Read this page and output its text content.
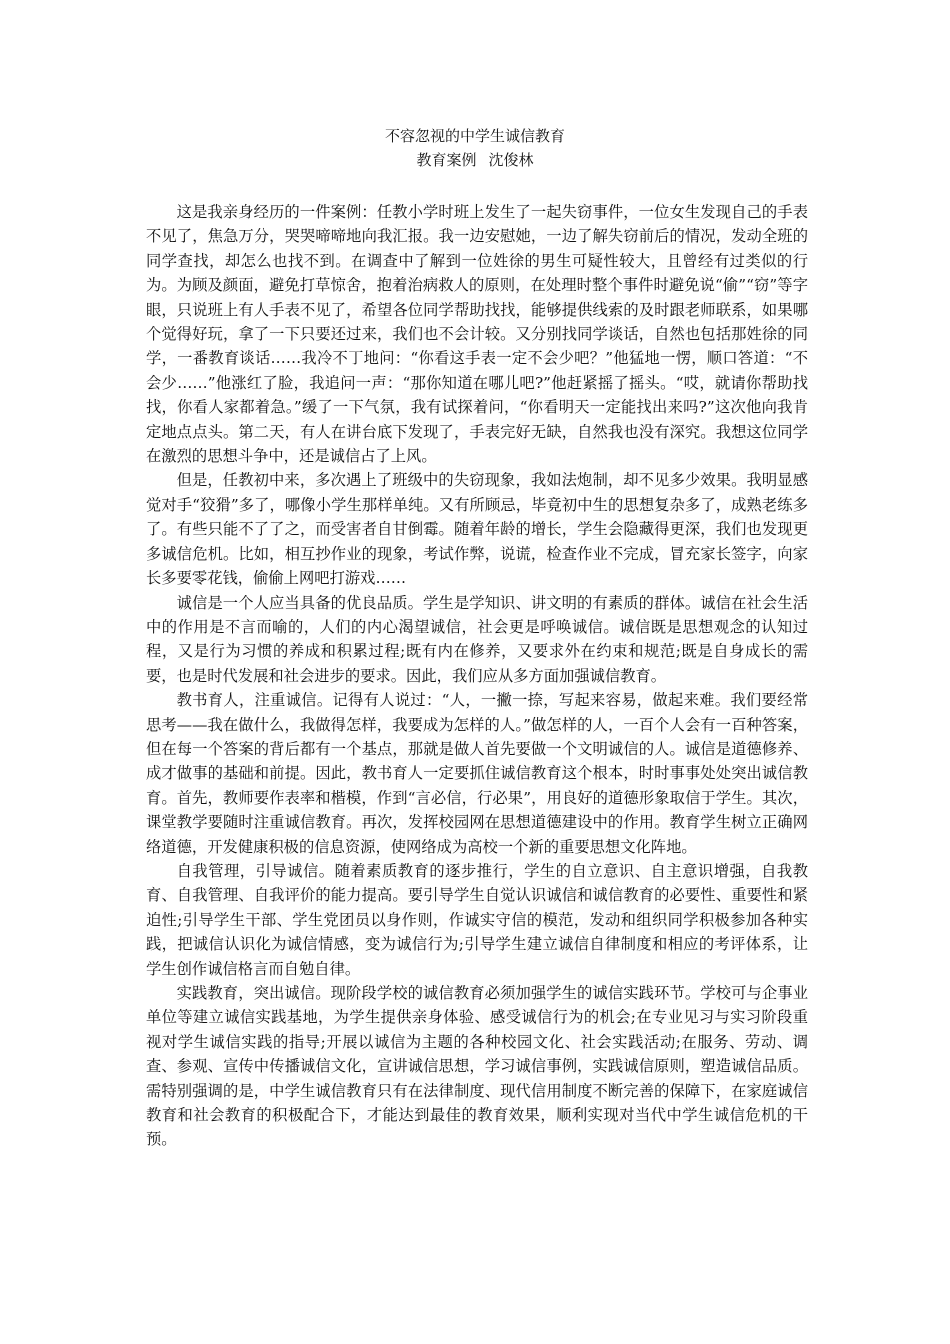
不容忽视的中学生诚信教育

教育案例 沈俊林

这是我亲身经历的一件案例：任教小学时班上发生了一起失窃事件，一位女生发现自己的手表不见了，焦急万分，哭哭啼啼地向我汇报。我一边安慰她，一边了解失窃前后的情况，发动全班的同学查找，却怎么也找不到。在调查中了解到一位姓徐的男生可疑性较大，且曾经有过类似的行为。为顾及颜面，避免打草惊舍，抱着治病救人的原则，在处理时整个事件时避免说“偷”“窃”等字眼，只说班上有人手表不见了，希望各位同学帮助找找，能够提供线索的及时跟老师联系，如果哪个觉得好玩，拿了一下只要还过来，我们也不会计较。又分别找同学谈话，自然也包括那姓徐的同学，一番教育谈话……我冷不丁地问：“你看这手表一定不会少吧？”他猛地一愣，顺口答道：“不会少……”他涨红了脸，我追问一声：“那你知道在哪儿吧?”他赶紧摇了摇头。“哎，就请你帮助找找，你看人家都着急。”缓了一下气氛，我有试探着问，“你看明天一定能找出来吗?”这次他向我肯定地点点头。第二天，有人在讲台底下发现了，手表完好无缺，自然我也没有深究。我想这位同学在激烈的思想斗争中，还是诚信占了上风。

但是，任教初中来，多次遇上了班级中的失窃现象，我如法炮制，却不见多少效果。我明显感觉对手“狡猾”多了，哪像小学生那样单纯。又有所顾忌，毕竟初中生的思想复杂多了，成熟老练多了。有些只能不了了之，而受害者自甘倒霉。随着年龄的增长，学生会隐藏得更深，我们也发现更多诚信危机。比如，相互抄作业的现象，考试作弊，说谎，检查作业不完成，冒充家长签字，向家长多要零花钱，偷偷上网吧打游戏……

诚信是一个人应当具备的优良品质。学生是学知识、讲文明的有素质的群体。诚信在社会生活中的作用是不言而喻的，人们的内心渴望诚信，社会更是呼唤诚信。诚信既是思想观念的认知过程，又是行为习惯的养成和积累过程;既有内在修养，又要求外在约束和规范;既是自身成长的需要，也是时代发展和社会进步的要求。因此，我们应从多方面加强诚信教育。

教书育人，注重诚信。记得有人说过：“人，一撇一捺，写起来容易，做起来难。我们要经常思考——我在做什么，我做得怎样，我要成为怎样的人。”做怎样的人，一百个人会有一百种答案，但在每一个答案的背后都有一个基点，那就是做人首先要做一个文明诚信的人。诚信是道德修养、成才做事的基础和前提。因此，教书育人一定要抓住诚信教育这个根本，时时事事处处突出诚信教育。首先，教师要作表率和楷模，作到“言必信，行必果”，用良好的道德形象取信于学生。其次，课堂教学要随时注重诚信教育。再次，发挥校园网在思想道德建设中的作用。教育学生树立正确网络道德，开发健康积极的信息资源，使网络成为高校一个新的重要思想文化阵地。

自我管理，引导诚信。随着素质教育的逐步推行，学生的自立意识、自主意识增强，自我教育、自我管理、自我评价的能力提高。要引导学生自觉认识诚信和诚信教育的必要性、重要性和紧迫性;引导学生干部、学生党团员以身作则，作诚实守信的模范，发动和组织同学积极参加各种实践，把诚信认识化为诚信情感，变为诚信行为;引导学生建立诚信自律制度和相应的考评体系，让学生创作诚信格言而自勉自律。

实践教育，突出诚信。现阶段学校的诚信教育必须加强学生的诚信实践环节。学校可与企事业单位等建立诚信实践基地，为学生提供亲身体验、感受诚信行为的机会;在专业见习与实习阶段重视对学生诚信实践的指导;开展以诚信为主题的各种校园文化、社会实践活动;在服务、劳动、调查、参观、宣传中传播诚信文化，宣讲诚信思想，学习诚信事例，实践诚信原则，塑造诚信品质。需特别强调的是，中学生诚信教育只有在法律制度、现代信用制度不断完善的保障下，在家庭诚信教育和社会教育的积极配合下，才能达到最佳的教育效果，顺利实现对当代中学生诚信危机的干预。
